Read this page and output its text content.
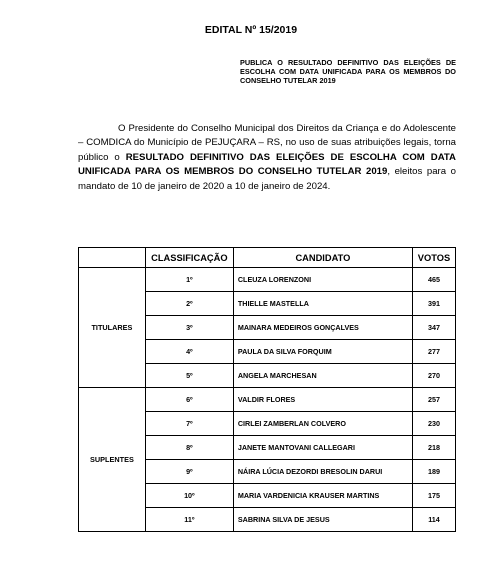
EDITAL Nº 15/2019
PUBLICA O RESULTADO DEFINITIVO DAS ELEIÇÕES DE ESCOLHA COM DATA UNIFICADA PARA OS MEMBROS DO CONSELHO TUTELAR 2019

O Presidente do Conselho Municipal dos Direitos da Criança e do Adolescente – COMDICA do Município de PEJUÇARA – RS, no uso de suas atribuições legais, torna público o RESULTADO DEFINITIVO DAS ELEIÇÕES DE ESCOLHA COM DATA UNIFICADA PARA OS MEMBROS DO CONSELHO TUTELAR 2019, eleitos para o mandato de 10 de janeiro de 2020 a 10 de janeiro de 2024.

	CLASSIFICAÇÃO	CANDIDATO	VOTOS
TITULARES	1º	CLEUZA LORENZONI	465
	2º	THIELLE MASTELLA	391
	3º	MAINARA MEDEIROS GONÇALVES	347
	4º	PAULA DA SILVA FORQUIM	277
	5º	ANGELA MARCHESAN	270
SUPLENTES	6º	VALDIR FLORES	257
	7º	CIRLEI ZAMBERLAN COLVERO	230
	8º	JANETE MANTOVANI CALLEGARI	218
	9º	NÁIRA LÚCIA DEZORDI BRESOLIN DARUI	189
	10º	MARIA VARDENICIA KRAUSER MARTINS	175
	11º	SABRINA SILVA DE JESUS	114
